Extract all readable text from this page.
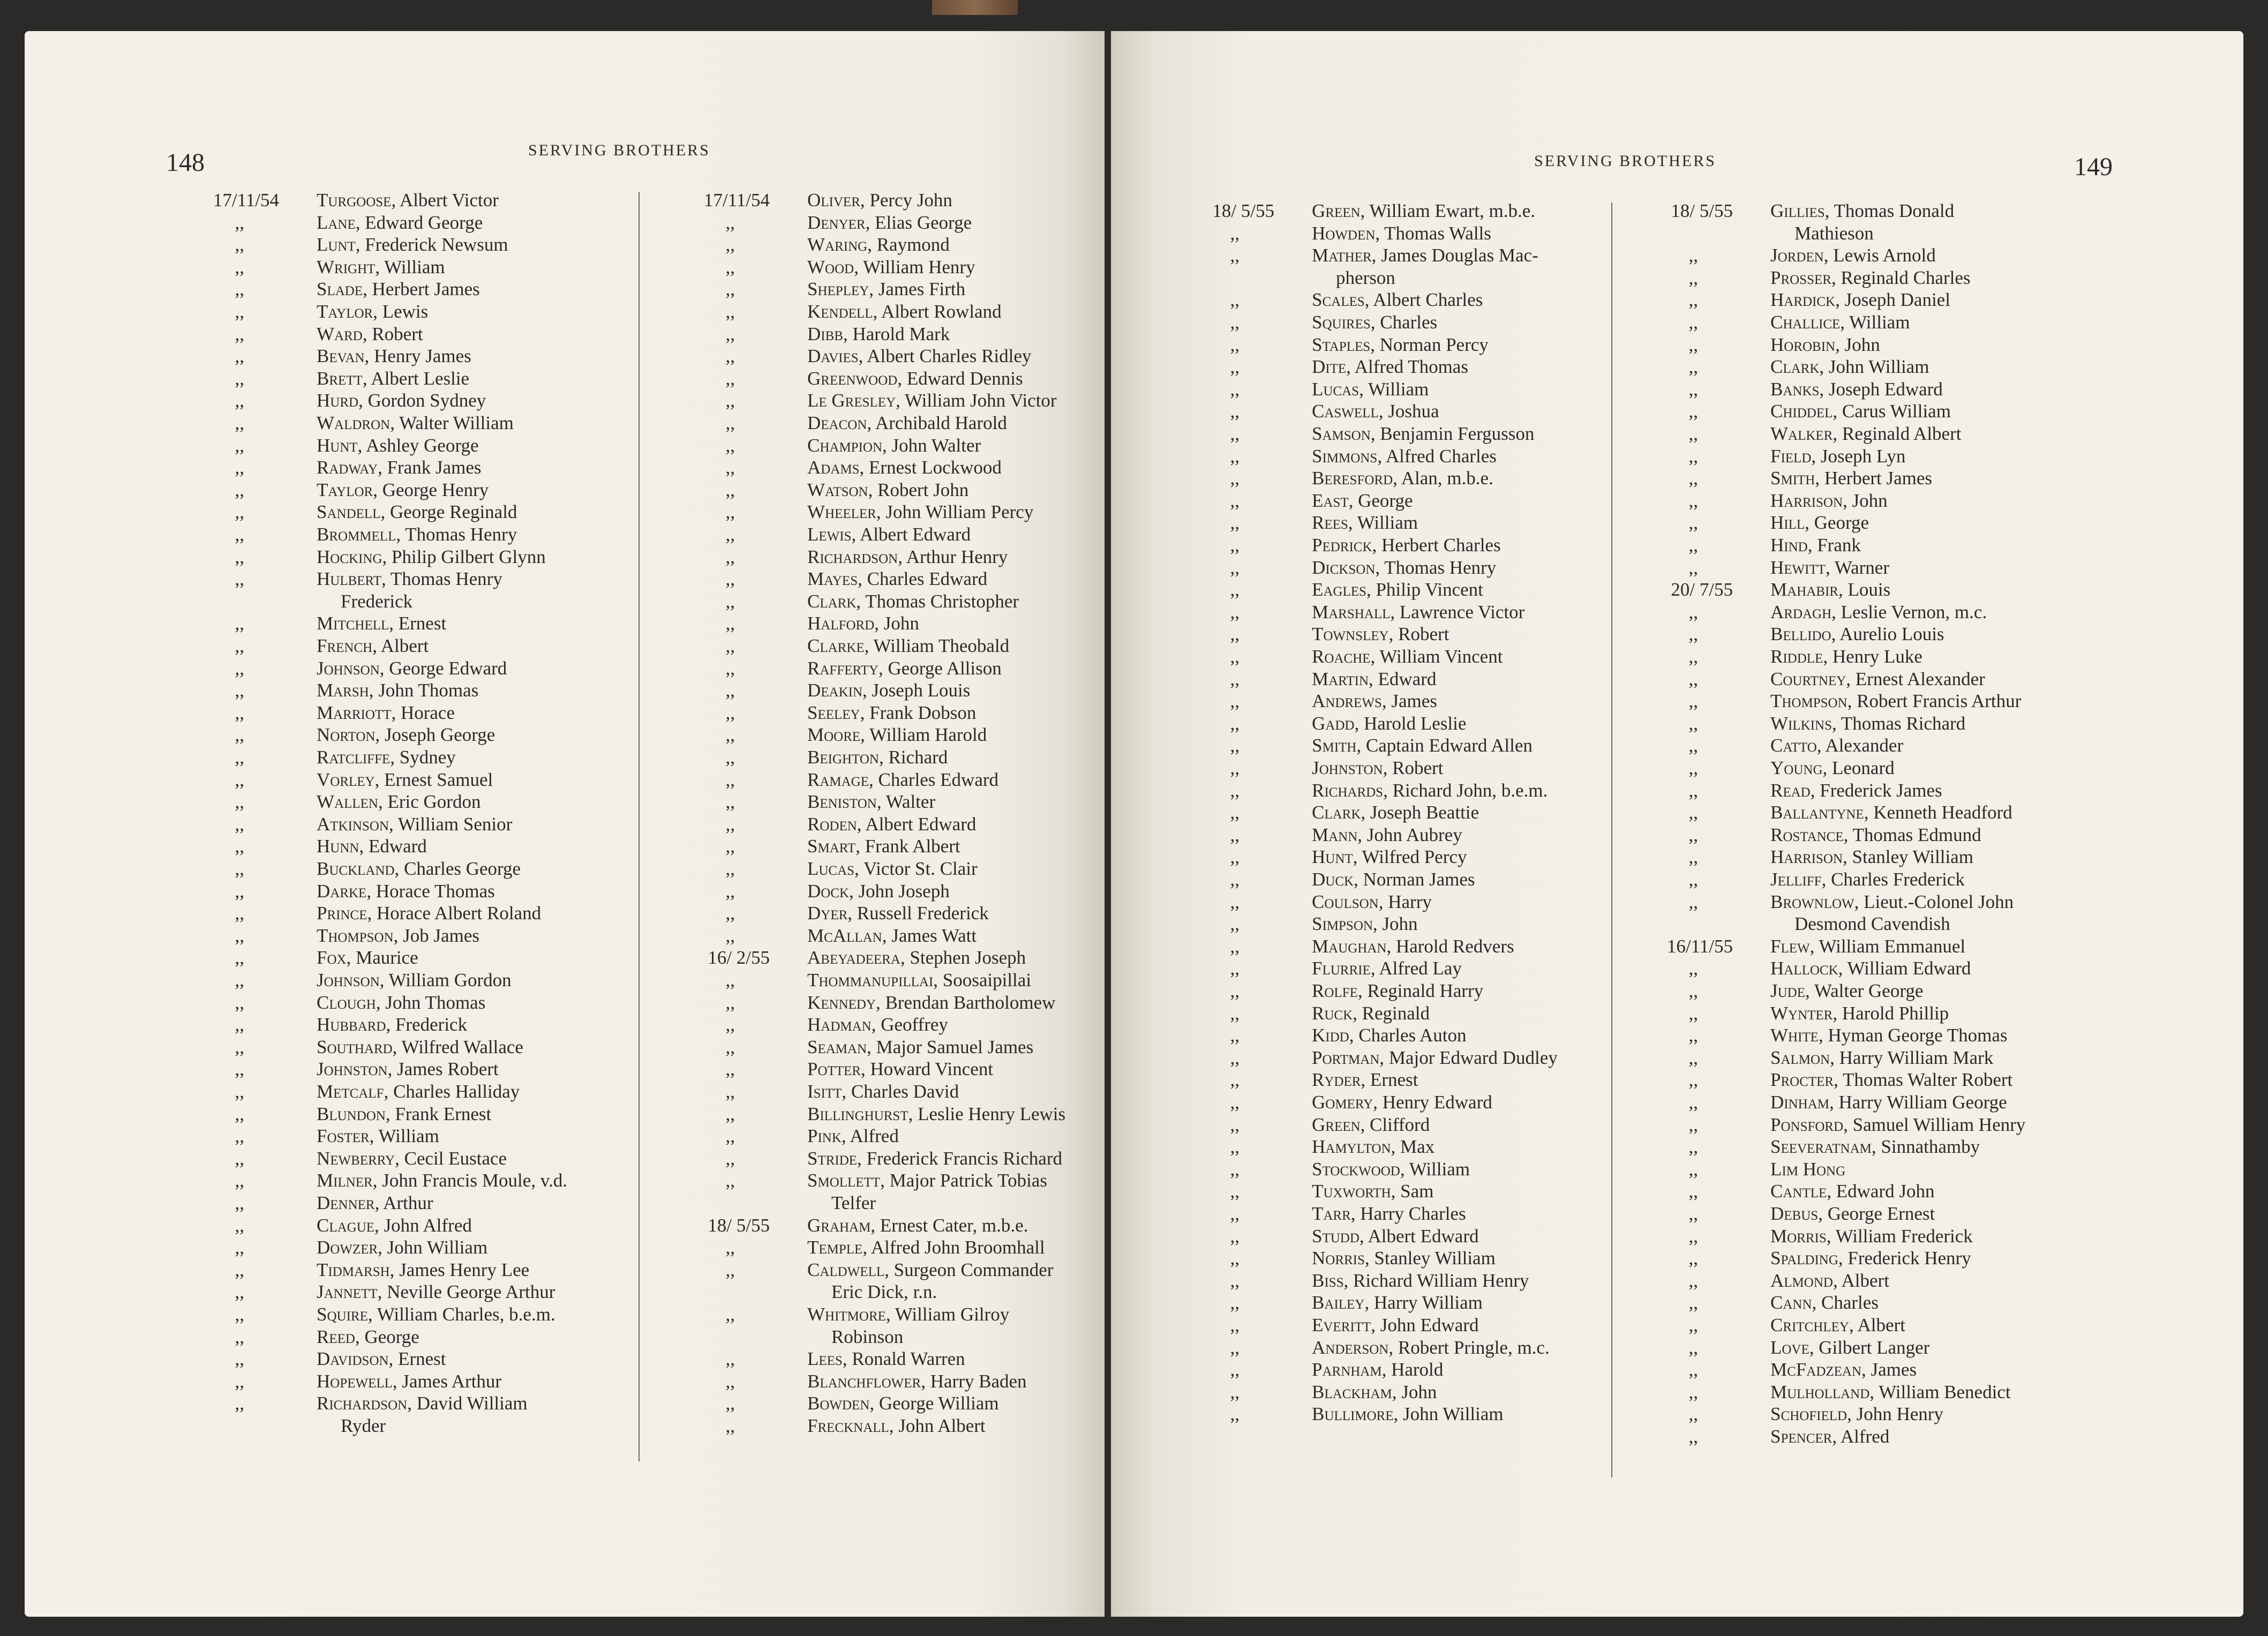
148	SERVING BROTHERS
17/11/54 Turgoose, Albert Victor
,,	Lane, Edward George
,,	Lunt, Frederick Newsum
,,	Wright, William
,,	Slade, Herbert James
,,	Taylor, Lewis
,,	Ward, Robert
,,	Bevan, Henry James
,,	Brett, Albert Leslie
,,	Hurd, Gordon Sydney
,,	Waldron, Walter William
,,	Hunt, Ashley George
,,	Radway, Frank James
,,	Taylor, George Henry
,,	Sandell, George Reginald
,,	Brommell, Thomas Henry
,,	Hocking, Philip Gilbert Glynn
,,	Hulbert, Thomas Henry
Frederick
,,	Mitchell, Ernest
,,	French, Albert
,,	Johnson, George Edward
,,	Marsh, John Thomas
,,	Marriott, Horace
,,	Norton, Joseph George
,,	Ratcliffe, Sydney
,,	Vorley, Ernest Samuel
,,	Wallen, Eric Gordon
,,	Atkinson, William Senior
,,	Hunn, Edward
,,	Buckland, Charles George
,,	Darke, Horace Thomas
,,	Prince, Horace Albert Roland
,,	Thompson, Job James
,,	Fox, Maurice
,,	Johnson, William Gordon
,,	Clough, John Thomas
,,	Hubbard, Frederick
,,	Southard, Wilfred Wallace
,,	Johnston, James Robert
,,	Metcalf, Charles Halliday
,,	Blundon, Frank Ernest
,,	Foster, William
,,	Newberry, Cecil Eustace
,,	Milner, John Francis Moule, v.d.
,,	Denner, Arthur
,,	Clague, John Alfred
,,	Dowzer, John William
,,	Tidmarsh, James Henry Lee
,,	Jannett, Neville George Arthur
,,	Squire, William Charles, b.e.m.
,,	Reed, George
,,	Davidson, Ernest
,,	Hopewell, James Arthur
,,	Richardson, David William
Ryder
17/11/54 Oliver, Percy John
,,	Denyer, Elias George
,,	Waring, Raymond
,,	Wood, William Henry
,,	Shepley, James Firth
,,	Kendell, Albert Rowland
,,	Dibb, Harold Mark
,,	Davies, Albert Charles Ridley
,,	Greenwood, Edward Dennis
,,	Le Gresley, William John Victor
,,	Deacon, Archibald Harold
,,	Champion, John Walter
,,	Adams, Ernest Lockwood
,,	Watson, Robert John
,,	Wheeler, John William Percy
,,	Lewis, Albert Edward
,,	Richardson, Arthur Henry
,,	Mayes, Charles Edward
,,	Clark, Thomas Christopher
,,	Halford, John
,,	Clarke, William Theobald
,,	Rafferty, George Allison
,,	Deakin, Joseph Louis
,,	Seeley, Frank Dobson
,,	Moore, William Harold
,,	Beighton, Richard
,,	Ramage, Charles Edward
,,	Beniston, Walter
,,	Roden, Albert Edward
,,	Smart, Frank Albert
,,	Lucas, Victor St. Clair
,,	Dock, John Joseph
,,	Dyer, Russell Frederick
,,	McAllan, James Watt
16/ 2/55 Abeyadeera, Stephen Joseph
,,	Thommanupillai, Soosaipillai
,,	Kennedy, Brendan Bartholomew
,,	Hadman, Geoffrey
,,	Seaman, Major Samuel James
,,	Potter, Howard Vincent
,,	Isitt, Charles David
,,	Billinghurst, Leslie Henry Lewis
,,	Pink, Alfred
,,	Stride, Frederick Francis Richard
,,	Smollett, Major Patrick Tobias
Telfer
18/ 5/55 Graham, Ernest Cater, m.b.e.
,,	Temple, Alfred John Broomhall
,,	Caldwell, Surgeon Commander
Eric Dick, r.n.
,,	Whitmore, William Gilroy
Robinson
,,	Lees, Ronald Warren
,,	Blanchflower, Harry Baden
,,	Bowden, George William
,,	Frecknall, John Albert
SERVING BROTHERS	149
18/ 5/55 Green, William Ewart, m.b.e.
,,	Howden, Thomas Walls
,,	Mather, James Douglas Mac-
pherson
,,	Scales, Albert Charles
,,	Squires, Charles
,,	Staples, Norman Percy
,,	Dite, Alfred Thomas
,,	Lucas, William
,,	Caswell, Joshua
,,	Samson, Benjamin Fergusson
,,	Simmons, Alfred Charles
,,	Beresford, Alan, m.b.e.
,,	East, George
,,	Rees, William
,,	Pedrick, Herbert Charles
,,	Dickson, Thomas Henry
,,	Eagles, Philip Vincent
,,	Marshall, Lawrence Victor
,,	Townsley, Robert
,,	Roache, William Vincent
,,	Martin, Edward
,,	Andrews, James
,,	Gadd, Harold Leslie
,,	Smith, Captain Edward Allen
,,	Johnston, Robert
,,	Richards, Richard John, b.e.m.
,,	Clark, Joseph Beattie
,,	Mann, John Aubrey
,,	Hunt, Wilfred Percy
,,	Duck, Norman James
,,	Coulson, Harry
,,	Simpson, John
,,	Maughan, Harold Redvers
,,	Flurrie, Alfred Lay
,,	Rolfe, Reginald Harry
,,	Ruck, Reginald
,,	Kidd, Charles Auton
,,	Portman, Major Edward Dudley
,,	Ryder, Ernest
,,	Gomery, Henry Edward
,,	Green, Clifford
,,	Hamylton, Max
,,	Stockwood, William
,,	Tuxworth, Sam
,,	Tarr, Harry Charles
,,	Studd, Albert Edward
,,	Norris, Stanley William
,,	Biss, Richard William Henry
,,	Bailey, Harry William
,,	Everitt, John Edward
,,	Anderson, Robert Pringle, m.c.
,,	Parnham, Harold
,,	Blackham, John
,,	Bullimore, John William
18/ 5/55 Gillies, Thomas Donald
Mathieson
,,	Jorden, Lewis Arnold
,,	Prosser, Reginald Charles
,,	Hardick, Joseph Daniel
,,	Challice, William
,,	Horobin, John
,,	Clark, John William
,,	Banks, Joseph Edward
,,	Chiddel, Carus William
,,	Walker, Reginald Albert
,,	Field, Joseph Lyn
,,	Smith, Herbert James
,,	Harrison, John
,,	Hill, George
,,	Hind, Frank
,,	Hewitt, Warner
20/ 7/55 Mahabir, Louis
,,	Ardagh, Leslie Vernon, m.c.
,,	Bellido, Aurelio Louis
,,	Riddle, Henry Luke
,,	Courtney, Ernest Alexander
,,	Thompson, Robert Francis Arthur
,,	Wilkins, Thomas Richard
,,	Catto, Alexander
,,	Young, Leonard
,,	Read, Frederick James
,,	Ballantyne, Kenneth Headford
,,	Rostance, Thomas Edmund
,,	Harrison, Stanley William
,,	Jelliff, Charles Frederick
,,	Brownlow, Lieut.-Colonel John
Desmond Cavendish
16/11/55 Flew, William Emmanuel
,,	Hallock, William Edward
,,	Jude, Walter George
,,	Wynter, Harold Phillip
,,	White, Hyman George Thomas
,,	Salmon, Harry William Mark
,,	Procter, Thomas Walter Robert
,,	Dinham, Harry William George
,,	Ponsford, Samuel William Henry
,,	Seeveratnam, Sinnathamby
,,	Lim Hong
,,	Cantle, Edward John
,,	Debus, George Ernest
,,	Morris, William Frederick
,,	Spalding, Frederick Henry
,,	Almond, Albert
,,	Cann, Charles
,,	Critchley, Albert
,,	Love, Gilbert Langer
,,	McFadzean, James
,,	Mulholland, William Benedict
,,	Schofield, John Henry
,,	Spencer, Alfred
